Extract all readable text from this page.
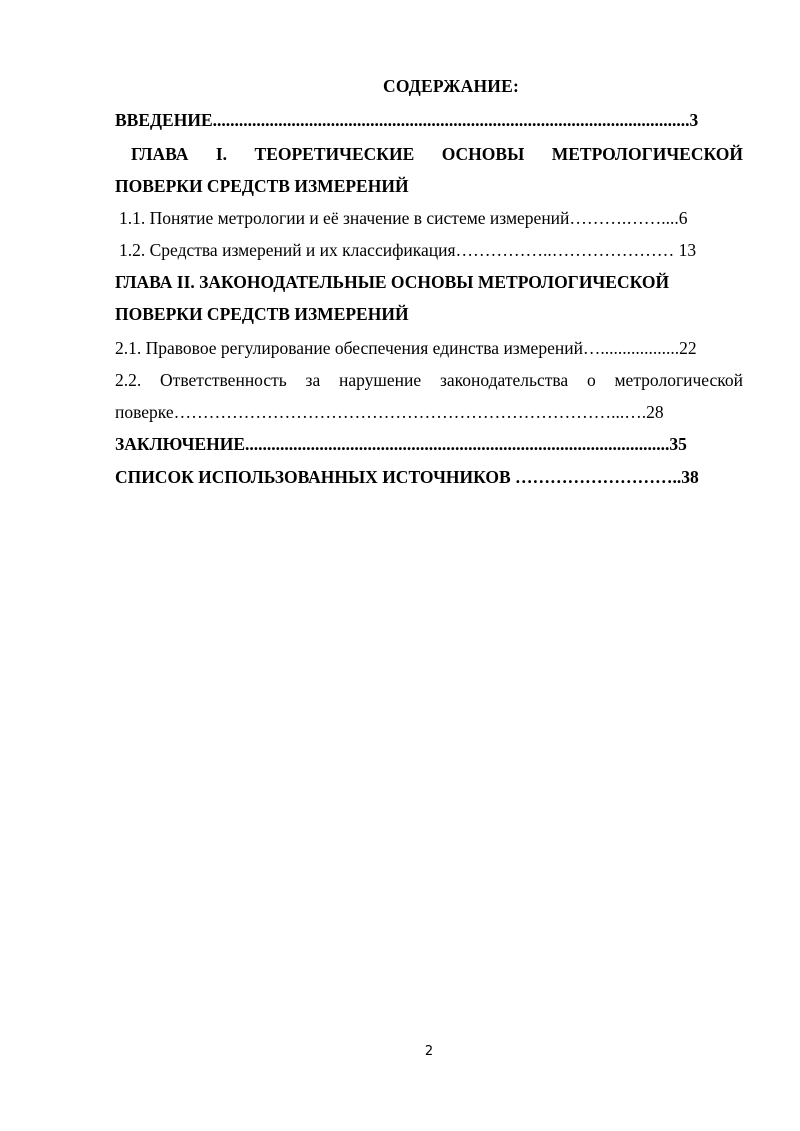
СОДЕРЖАНИЕ:
ВВЕДЕНИЕ.............................................................................................................3
ГЛАВА I. ТЕОРЕТИЧЕСКИЕ ОСНОВЫ МЕТРОЛОГИЧЕСКОЙ
ПОВЕРКИ СРЕДСТВ ИЗМЕРЕНИЙ
1.1. Понятие метрологии и её значение в системе измерений……….……....6
1.2. Средства измерений и их классификация……………..………………… 13
ГЛАВА II. ЗАКОНОДАТЕЛЬНЫЕ ОСНОВЫ МЕТРОЛОГИЧЕСКОЙ
ПОВЕРКИ СРЕДСТВ ИЗМЕРЕНИЙ
2.1. Правовое регулирование обеспечения единства измерений…..................22
2.2. Ответственность за нарушение законодательства о метрологической
поверке…………………………………………………………………...….28
ЗАКЛЮЧЕНИЕ.................................................................................................35
СПИСОК ИСПОЛЬЗОВАННЫХ ИСТОЧНИКОВ ………………………..38
2
